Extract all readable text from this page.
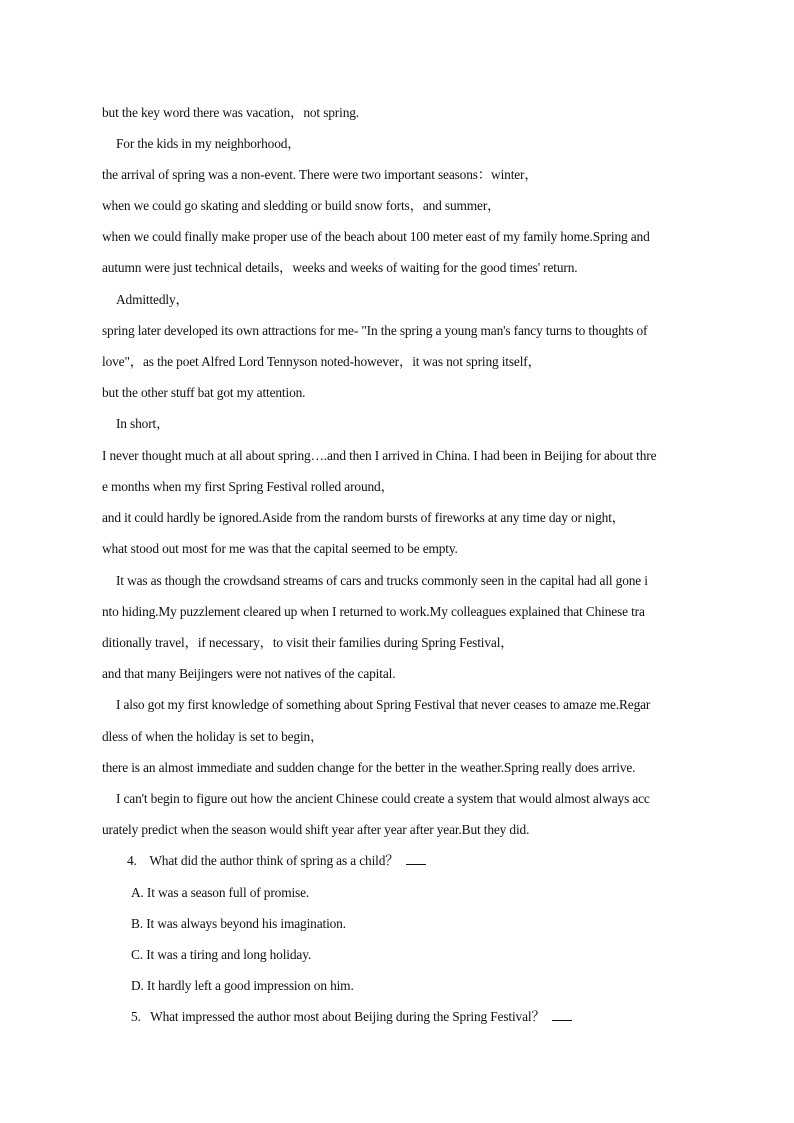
but the key word there was vacation，not spring.
For the kids in my neighborhood，
the arrival of spring was a non-event. There were two important seasons：winter，
when we could go skating and sledding or build snow forts，and summer，
when we could finally make proper use of the beach about 100 meter east of my family home.Spring and
autumn were just technical details，weeks and weeks of waiting for the good times' return.
Admittedly，
spring later developed its own attractions for me- "In the spring a young man's fancy turns to thoughts of
love"，as the poet Alfred Lord Tennyson noted-however，it was not spring itself，
but the other stuff bat got my attention.
In short，
I never thought much at all about spring….and then I arrived in China. I had been in Beijing for about thre
e months when my first Spring Festival rolled around，
and it could hardly be ignored.Aside from the random bursts of fireworks at any time day or night，
what stood out most for me was that the capital seemed to be empty.
It was as though the crowdsand streams of cars and trucks commonly seen in the capital had all gone i
nto hiding.My puzzlement cleared up when I returned to work.My colleagues explained that Chinese tra
ditionally travel，if necessary，to visit their families during Spring Festival，
and that many Beijingers were not natives of the capital.
I also got my first knowledge of something about Spring Festival that never ceases to amaze me.Regar
dless of when the holiday is set to begin，
there is an almost immediate and sudden change for the better in the weather.Spring really does arrive.
I can't begin to figure out how the ancient Chinese could create a system that would almost always acc
urately predict when the season would shift year after year after year.But they did.
4. What did the author think of spring as a child？
A. It was a season full of promise.
B. It was always beyond his imagination.
C. It was a tiring and long holiday.
D. It hardly left a good impression on him.
5. What impressed the author most about Beijing during the Spring Festival？
